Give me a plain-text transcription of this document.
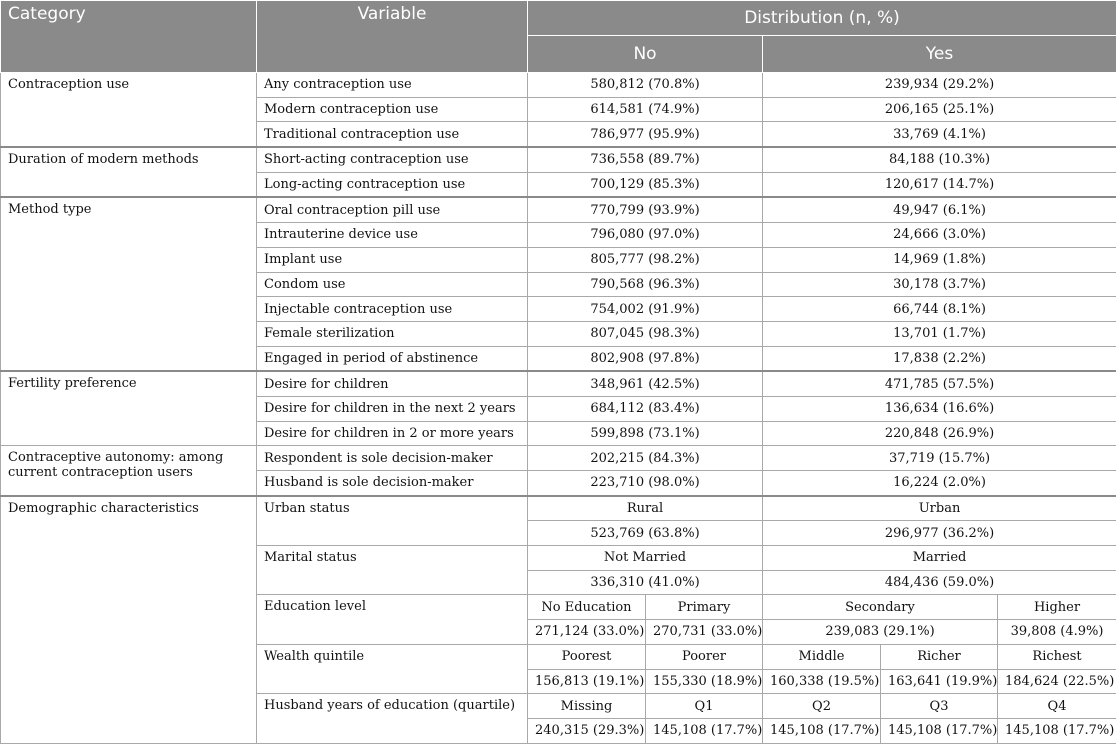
Category	Variable	Distribution (n, %)				
		No		Yes		
Contraception use	Any contraception use	580,812 (70.8%)		239,934 (29.2%)		
	Modern contraception use	614,581 (74.9%)		206,165 (25.1%)		
	Traditional contraception use	786,977 (95.9%)		33,769 (4.1%)		
Duration of modern methods	Short-acting contraception use	736,558 (89.7%)		84,188 (10.3%)		
	Long-acting contraception use	700,129 (85.3%)		120,617 (14.7%)		
Method type	Oral contraception pill use	770,799 (93.9%)		49,947 (6.1%)		
	Intrauterine device use	796,080 (97.0%)		24,666 (3.0%)		
	Implant use	805,777 (98.2%)		14,969 (1.8%)		
	Condom use	790,568 (96.3%)		30,178 (3.7%)		
	Injectable contraception use	754,002 (91.9%)		66,744 (8.1%)		
	Female sterilization	807,045 (98.3%)		13,701 (1.7%)		
	Engaged in period of abstinence	802,908 (97.8%)		17,838 (2.2%)		
Fertility preference	Desire for children	348,961 (42.5%)		471,785 (57.5%)		
	Desire for children in the next 2 years	684,112 (83.4%)		136,634 (16.6%)		
	Desire for children in 2 or more years	599,898 (73.1%)		220,848 (26.9%)		
Contraceptive autonomy: among current contraception users	Respondent is sole decision-maker	202,215 (84.3%)		37,719 (15.7%)		
	Husband is sole decision-maker	223,710 (98.0%)		16,224 (2.0%)		
Demographic characteristics	Urban status	Rural		Urban		
		523,769 (63.8%)		296,977 (36.2%)		
	Marital status	Not Married		Married		
		336,310 (41.0%)		484,436 (59.0%)		
	Education level	No Education	Primary	Secondary		Higher
		271,124 (33.0%)	270,731 (33.0%)	239,083 (29.1%)		39,808 (4.9%)
	Wealth quintile	Poorest	Poorer	Middle	Richer	Richest
		156,813 (19.1%)	155,330 (18.9%)	160,338 (19.5%)	163,641 (19.9%)	184,624 (22.5%)
	Husband years of education (quartile)	Missing	Q1	Q2	Q3	Q4
		240,315 (29.3%)	145,108 (17.7%)	145,108 (17.7%)	145,108 (17.7%)	145,108 (17.7%)
